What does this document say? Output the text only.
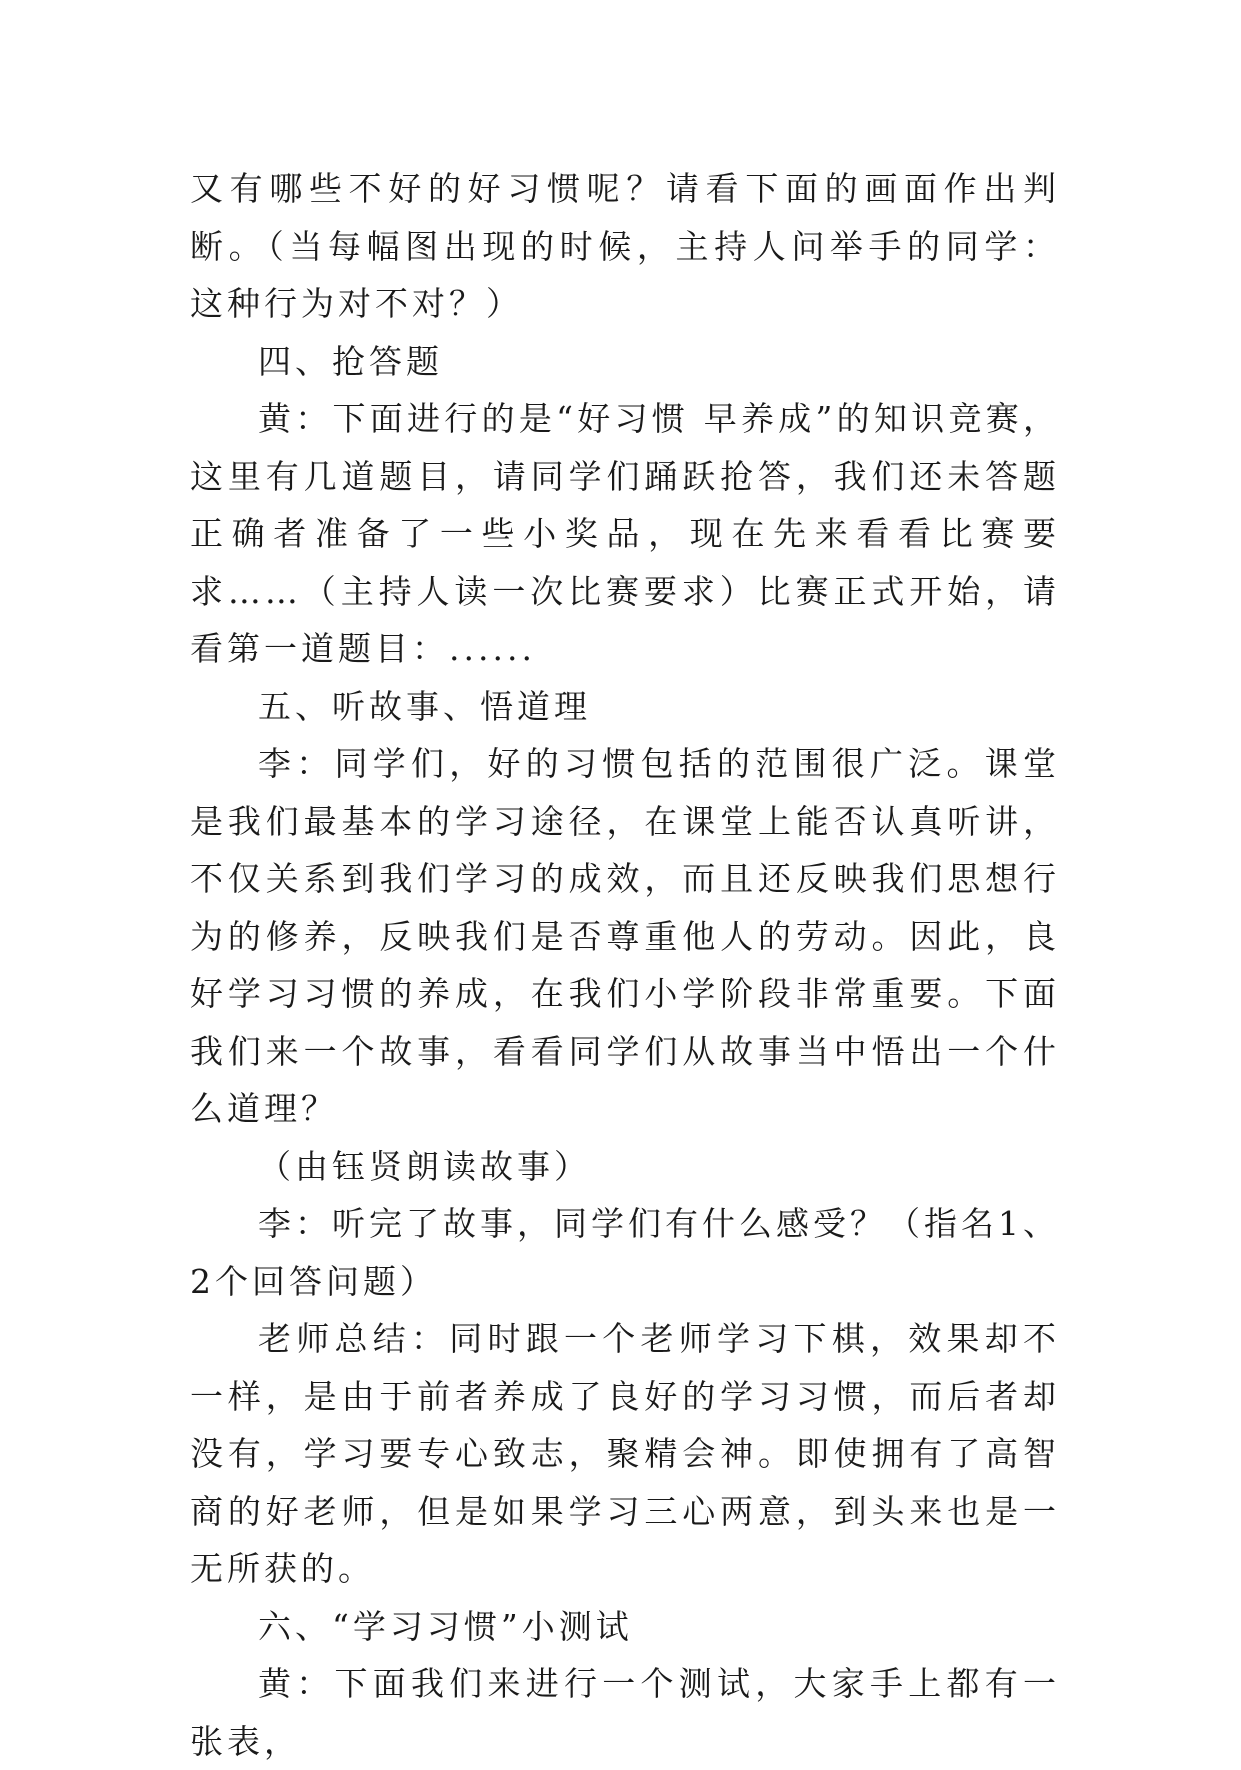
又有哪些不好的好习惯呢？请看下面的画面作出判断。（当每幅图出现的时候，主持人问举手的同学：这种行为对不对？）

四、抢答题

黄：下面进行的是“好习惯 早养成”的知识竞赛，这里有几道题目，请同学们踊跃抢答，我们还未答题正确者准备了一些小奖品，现在先来看看比赛要求……（主持人读一次比赛要求）比赛正式开始，请看第一道题目：......

五、听故事、悟道理

李：同学们，好的习惯包括的范围很广泛。课堂是我们最基本的学习途径，在课堂上能否认真听讲，不仅关系到我们学习的成效，而且还反映我们思想行为的修养，反映我们是否尊重他人的劳动。因此，良好学习习惯的养成，在我们小学阶段非常重要。下面我们来一个故事，看看同学们从故事当中悟出一个什么道理？

（由钰贤朗读故事）

李：听完了故事，同学们有什么感受？（指名1、2个回答问题）

老师总结：同时跟一个老师学习下棋，效果却不一样，是由于前者养成了良好的学习习惯，而后者却没有，学习要专心致志，聚精会神。即使拥有了高智商的好老师，但是如果学习三心两意，到头来也是一无所获的。

六、“学习习惯”小测试

黄：下面我们来进行一个测试，大家手上都有一张表，
